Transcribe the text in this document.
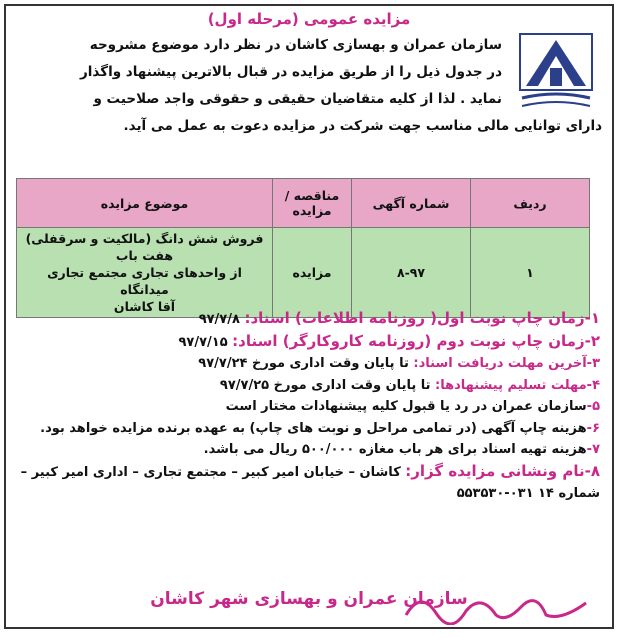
مزایده عمومی (مرحله اول)
سازمان عمران و بهسازی کاشان در نظر دارد موضوع مشروحه
در جدول ذیل را از طریق مزایده در قبال بالاترین پیشنهاد واگذار
نماید . لذا از کلیه متقاضیان حقیقی و حقوقی واجد صلاحیت و
دارای توانایی مالی مناسب جهت شرکت در مزایده دعوت به عمل می آید.
ردیف	شماره آگهی	مناقصه / مزایده	موضوع مزایده
۱	۸-۹۷	مزایده	فروش شش دانگ (مالکیت و سرقفلی) هفت باب
از واحدهای تجاری مجتمع تجاری میدانگاه
آقا کاشان
۱-زمان چاپ نوبت اول( روزنامه اطلاعات) اسناد: ۹۷/۷/۸
۲-زمان چاپ نوبت دوم (روزنامه کاروکارگر) اسناد: ۹۷/۷/۱۵
۳-آخرین مهلت دریافت اسناد: تا پایان وقت اداری مورخ ۹۷/۷/۲۴
۴-مهلت تسلیم پیشنهادها: تا پایان وقت اداری مورخ ۹۷/۷/۲۵
۵-سازمان عمران در رد یا قبول کلیه پیشنهادات مختار است
۶-هزینه چاپ آگهی (در تمامی مراحل و نوبت های چاپ) به عهده برنده مزایده خواهد بود.
۷-هزینه تهیه اسناد برای هر باب مغازه ۵۰۰/۰۰۰ ریال می باشد.
۸-نام ونشانی مزایده گزار: کاشان – خیابان امیر کبیر – مجتمع تجاری – اداری امیر کبیر – شماره ۱۴ ۰۳۱-۵۵۳۵۳۰
سازمان عمران و بهسازی شهر کاشان
